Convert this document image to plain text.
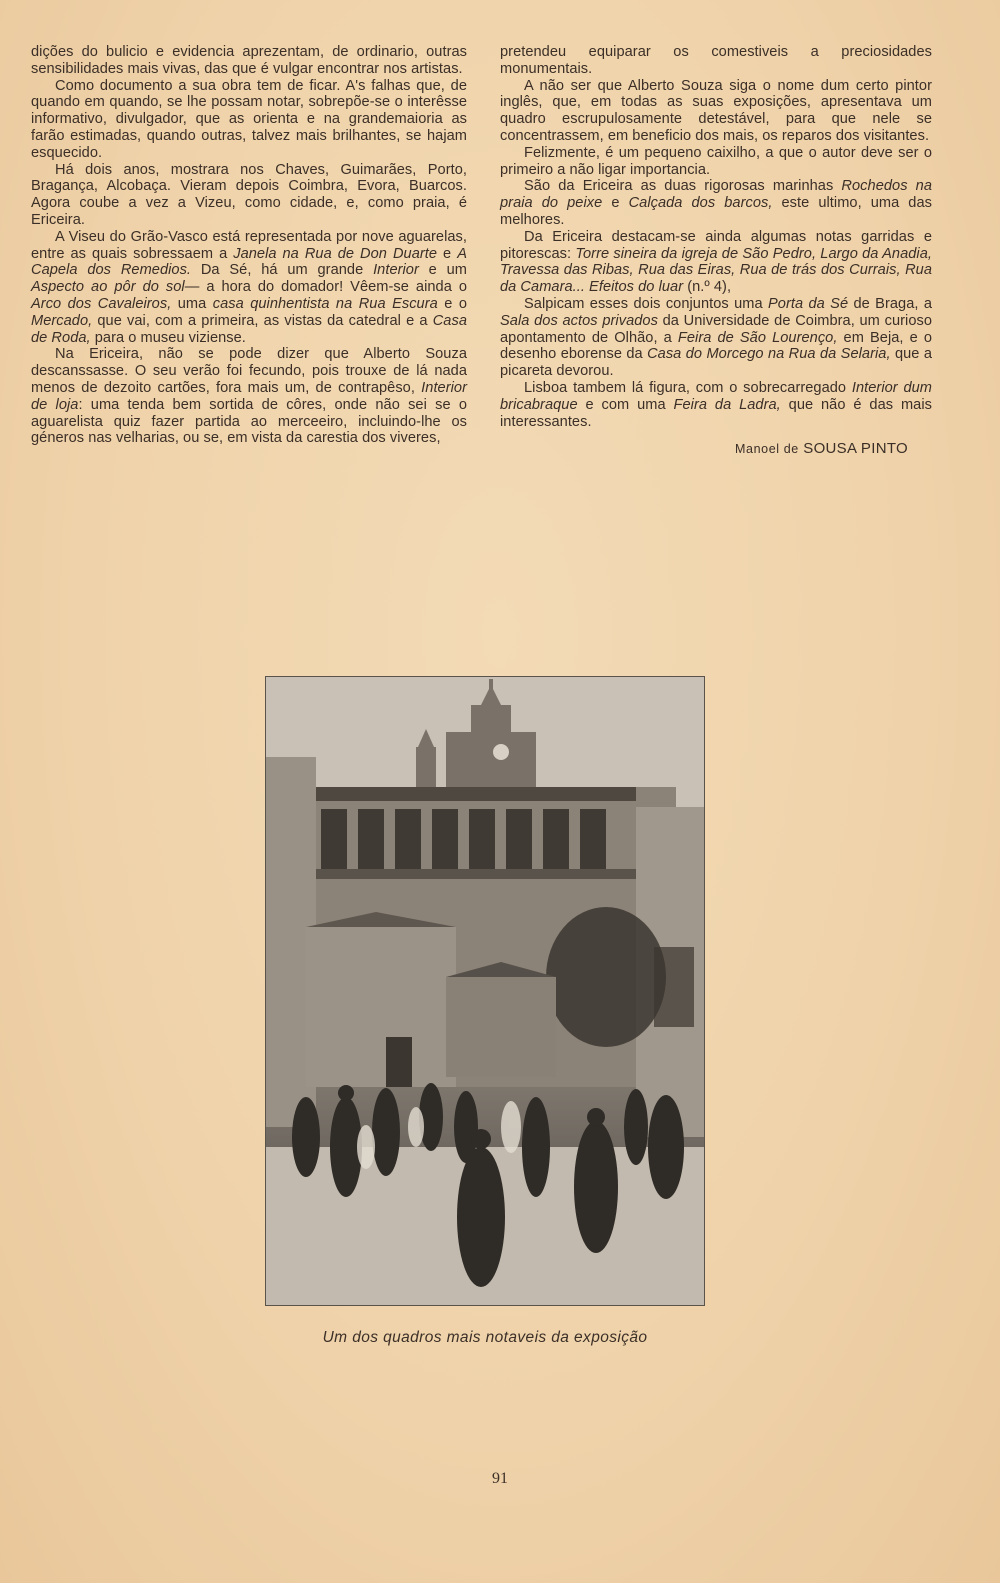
dições do bulicio e evidencia aprezentam, de ordinario, outras sensibilidades mais vivas, das que é vulgar encontrar nos artistas.

Como documento a sua obra tem de ficar. A's falhas que, de quando em quando, se lhe possam notar, sobrepõe-se o interêsse informativo, divulgador, que as orienta e na grandemaioria as farão estimadas, quando outras, talvez mais brilhantes, se hajam esquecido.

Há dois anos, mostrara nos Chaves, Guimarães, Porto, Bragança, Alcobaça. Vieram depois Coimbra, Evora, Buarcos. Agora coube a vez a Vizeu, como cidade, e, como praia, é Ericeira.

A Viseu do Grão-Vasco está representada por nove aguarelas, entre as quais sobressaem a Janela na Rua de Don Duarte e A Capela dos Remedios. Da Sé, há um grande Interior e um Aspecto ao pôr do sol— a hora do domador! Vêem-se ainda o Arco dos Cavaleiros, uma casa quinhentista na Rua Escura e o Mercado, que vai, com a primeira, as vistas da catedral e a Casa de Roda, para o museu viziense.

Na Ericeira, não se pode dizer que Alberto Souza descanssasse. O seu verão foi fecundo, pois trouxe de lá nada menos de dezoito cartões, fora mais um, de contrapêso, Interior de loja: uma tenda bem sortida de côres, onde não sei se o aguarelista quiz fazer partida ao merceeiro, incluindo-lhe os géneros nas velharias, ou se, em vista da carestia dos viveres,

pretendeu equiparar os comestiveis a preciosidades monumentais.

A não ser que Alberto Souza siga o nome dum certo pintor inglês, que, em todas as suas exposições, apresentava um quadro escrupulosamente detestável, para que nele se concentrassem, em beneficio dos mais, os reparos dos visitantes.

Felizmente, é um pequeno caixilho, a que o autor deve ser o primeiro a não ligar importancia.

São da Ericeira as duas rigorosas marinhas Rochedos na praia do peixe e Calçada dos barcos, este ultimo, uma das melhores.

Da Ericeira destacam-se ainda algumas notas garridas e pitorescas: Torre sineira da igreja de São Pedro, Largo da Anadia, Travessa das Ribas, Rua das Eiras, Rua de trás dos Currais, Rua da Camara... Efeitos do luar (n.º 4),

Salpicam esses dois conjuntos uma Porta da Sé de Braga, a Sala dos actos privados da Universidade de Coimbra, um curioso apontamento de Olhão, a Feira de São Lourenço, em Beja, e o desenho eborense da Casa do Morcego na Rua da Selaria, que a picareta devorou.

Lisboa tambem lá figura, com o sobrecarregado Interior dum bricabraque e com uma Feira da Ladra, que não é das mais interessantes.

Manoel de SOUSA PINTO
Um dos quadros mais notaveis da exposição
91
